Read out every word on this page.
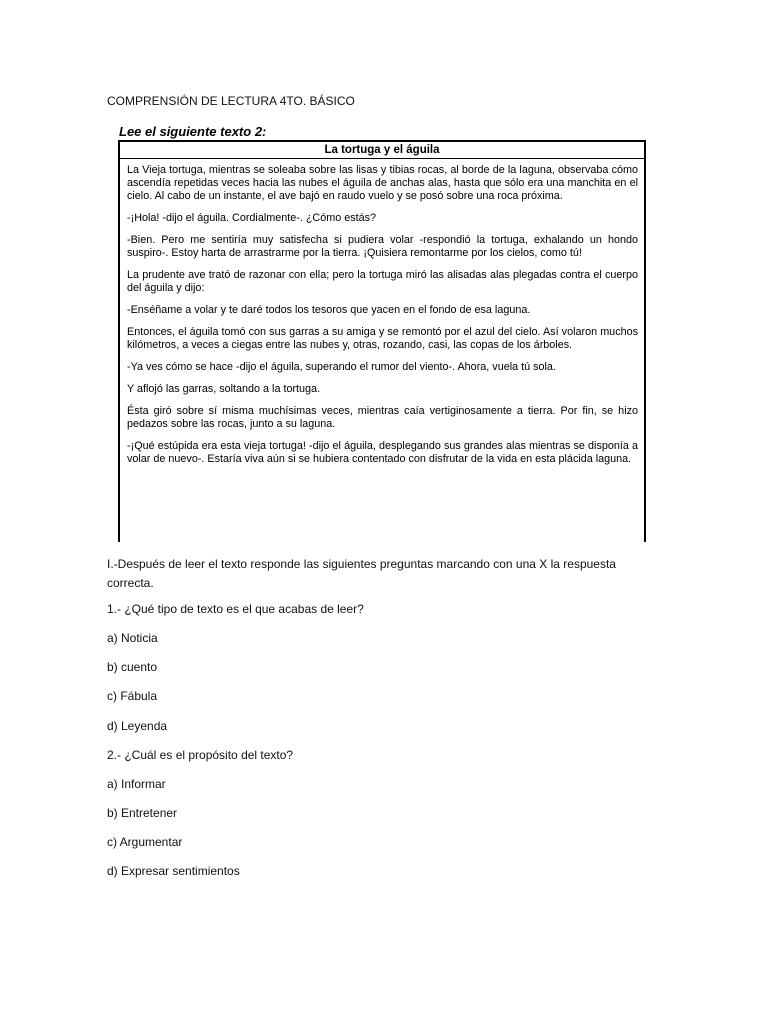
COMPRENSIÓN DE LECTURA 4TO. BÁSICO
Lee el siguiente texto 2:
La tortuga y el águila

La Vieja tortuga, mientras se soleaba sobre las lisas y tibias rocas, al borde de la laguna, observaba cómo ascendía repetidas veces hacia las nubes el águila de anchas alas, hasta que sólo era una manchita en el cielo. Al cabo de un instante, el ave bajó en raudo vuelo y se posó sobre una roca próxima.

-¡Hola! -dijo el águila. Cordialmente-. ¿Cómo estás?

-Bien. Pero me sentiría muy satisfecha si pudiera volar -respondió la tortuga, exhalando un hondo suspiro-. Estoy harta de arrastrarme por la tierra. ¡Quisiera remontarme por los cielos, como tú!

La prudente ave trató de razonar con ella; pero la tortuga miró las alisadas alas plegadas contra el cuerpo del águila y dijo:

-Enséñame a volar y te daré todos los tesoros que yacen en el fondo de esa laguna.

Entonces, el águila tomó con sus garras a su amiga y se remontó por el azul del cielo. Así volaron muchos kilómetros, a veces a ciegas entre las nubes y, otras, rozando, casi, las copas de los árboles.

-Ya ves cómo se hace -dijo el águila, superando el rumor del viento-. Ahora, vuela tú sola.

Y aflojó las garras, soltando a la tortuga.

Ésta giró sobre sí misma muchísimas veces, mientras caía vertiginosamente a tierra. Por fin, se hizo pedazos sobre las rocas, junto a su laguna.

-¡Qué estúpida era esta vieja tortuga! -dijo el águila, desplegando sus grandes alas mientras se disponía a volar de nuevo-. Estaría viva aún si se hubiera contentado con disfrutar de la vida en esta plácida laguna.

I.-Después de leer el texto responde las siguientes preguntas marcando con una X la respuesta correcta.

1.- ¿Qué tipo de texto es el que acabas de leer?
a) Noticia
b) cuento
c) Fábula
d) Leyenda
2.- ¿Cuál es el propósito del texto?
a) Informar
b) Entretener
c) Argumentar
d) Expresar sentimientos
